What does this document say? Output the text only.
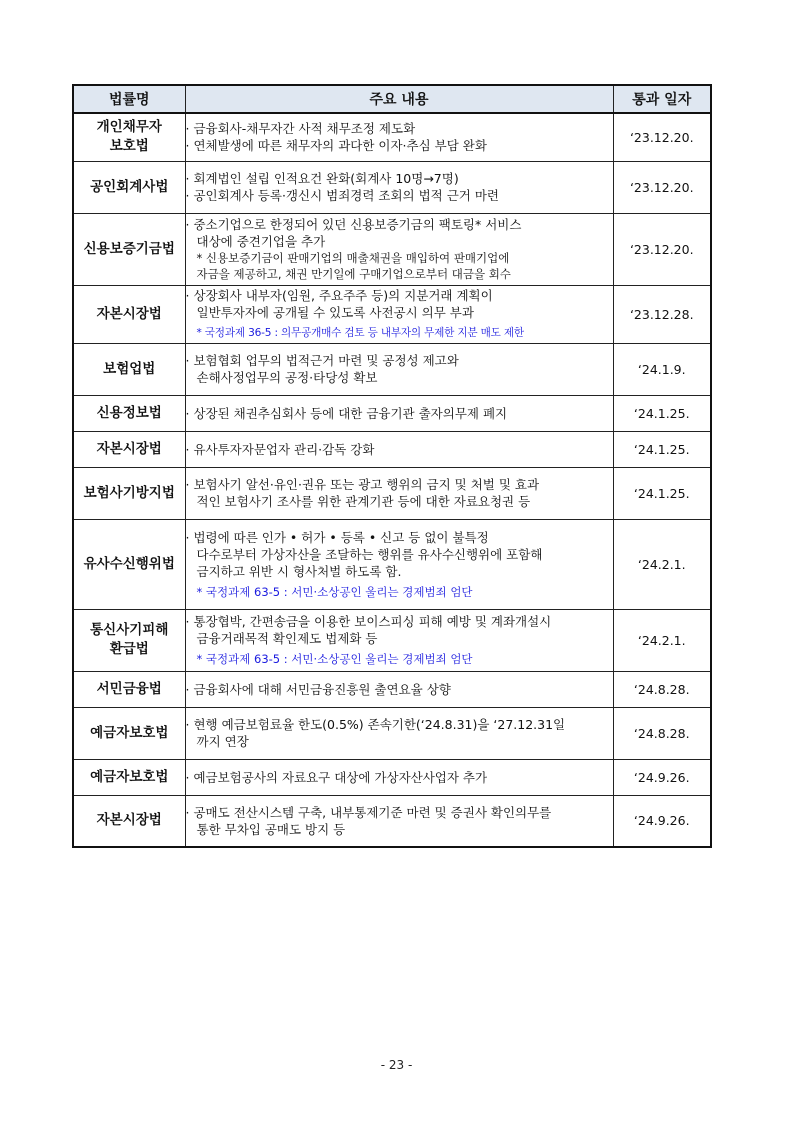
법률명	주요 내용	통과 일자

개인채무자
보호법	· 금융회사-채무자간 사적 채무조정 제도화
· 연체발생에 따른 채무자의 과다한 이자·추심 부담 완화	‘23.12.20.

공인회계사법	· 회계법인 설립 인적요건 완화(회계사 10명→7명)
· 공인회계사 등록·갱신시 범죄경력 조회의 법적 근거 마련	‘23.12.20.

신용보증기금법	· 중소기업으로 한정되어 있던 신용보증기금의 팩토링* 서비스
대상에 중견기업을 추가
* 신용보증기금이 판매기업의 매출채권을 매입하여 판매기업에
자금을 제공하고, 채권 만기일에 구매기업으로부터 대금을 회수	‘23.12.20.

자본시장법	· 상장회사 내부자(임원, 주요주주 등)의 지분거래 계획이
일반투자자에 공개될 수 있도록 사전공시 의무 부과
* 국정과제 36-5 : 의무공개매수 검토 등 내부자의 무제한 지분 매도 제한	‘23.12.28.

보험업법	· 보험협회 업무의 법적근거 마련 및 공정성 제고와
손해사정업무의 공정·타당성 확보	‘24.1.9.

신용정보법	· 상장된 채권추심회사 등에 대한 금융기관 출자의무제 폐지	‘24.1.25.

자본시장법	· 유사투자자문업자 관리·감독 강화	‘24.1.25.

보험사기방지법	· 보험사기 알선·유인·권유 또는 광고 행위의 금지 및 처벌 및 효과
적인 보험사기 조사를 위한 관계기관 등에 대한 자료요청권 등	‘24.1.25.

유사수신행위법	· 법령에 따른 인가 • 허가 • 등록 • 신고 등 없이 불특정
다수로부터 가상자산을 조달하는 행위를 유사수신행위에 포함해
금지하고 위반 시 형사처벌 하도록 함.
* 국정과제 63-5 : 서민·소상공인 울리는 경제범죄 엄단	‘24.2.1.

통신사기피해
환급법	· 통장협박, 간편송금을 이용한 보이스피싱 피해 예방 및 계좌개설시
금융거래목적 확인제도 법제화 등
* 국정과제 63-5 : 서민·소상공인 울리는 경제범죄 엄단	‘24.2.1.

서민금융법	· 금융회사에 대해 서민금융진흥원 출연요율 상향	‘24.8.28.

예금자보호법	· 현행 예금보험료율 한도(0.5%) 존속기한(‘24.8.31)을 ‘27.12.31일
까지 연장	‘24.8.28.

예금자보호법	· 예금보험공사의 자료요구 대상에 가상자산사업자 추가	‘24.9.26.

자본시장법	· 공매도 전산시스템 구축, 내부통제기준 마련 및 증권사 확인의무를
통한 무차입 공매도 방지 등	‘24.9.26.
- 23 -
